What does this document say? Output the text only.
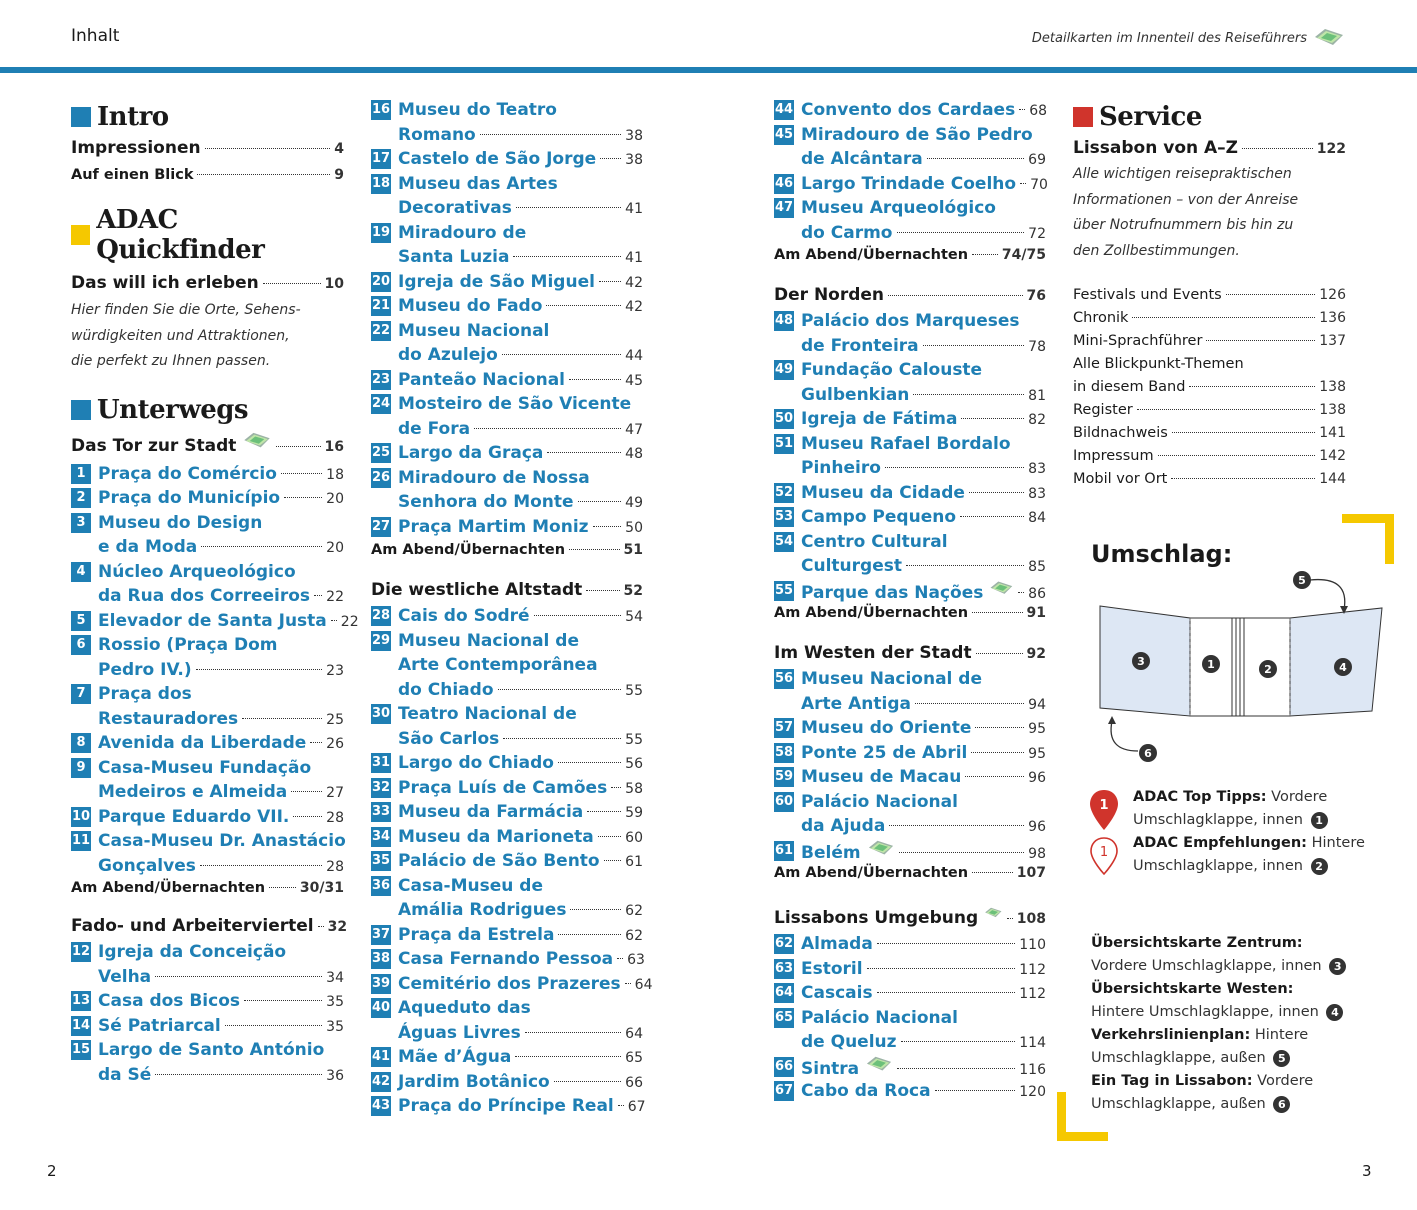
Inhalt	Detailkarten im Innenteil des Reiseführers
Intro
Impressionen	4
Auf einen Blick	9
ADAC Quickfinder
Das will ich erleben	10
Hier finden Sie die Orte, Sehens-
würdigkeiten und Attraktionen,
die perfekt zu Ihnen passen.
Unterwegs
Das Tor zur Stadt	16
1 Praça do Comércio	18
2 Praça do Município	20
3 Museu do Design
e da Moda	20
4 Núcleo Arqueológico
da Rua dos Correeiros 22
5 Elevador de Santa Justa 22
6 Rossio (Praça Dom
Pedro IV.)	23
7 Praça dos
Restauradores	25
8 Avenida da Liberdade 26
9 Casa-Museu Fundação
Medeiros e Almeida	27
10 Parque Eduardo VII.	28
11 Casa-Museu Dr. Anastácio
Gonçalves	28
Am Abend/Übernachten 30/31
Fado- und Arbeiterviertel 32
12 Igreja da Conceição
Velha	34
13 Casa dos Bicos	35
14 Sé Patriarcal	35
15 Largo de Santo António
da Sé	36
16 Museu do Teatro
Romano	38
17 Castelo de São Jorge 38
18 Museu das Artes
Decorativas	41
19 Miradouro de
Santa Luzia	41
20 Igreja de São Miguel 42
21 Museu do Fado	42
22 Museu Nacional
do Azulejo	44
23 Panteão Nacional	45
24 Mosteiro de São Vicente
de Fora	47
25 Largo da Graça	48
26 Miradouro de Nossa
Senhora do Monte	49
27 Praça Martim Moniz	50
Am Abend/Übernachten	51
Die westliche Altstadt	52
28 Cais do Sodré	54
29 Museu Nacional de
Arte Contemporânea
do Chiado	55
30 Teatro Nacional de
São Carlos	55
31 Largo do Chiado	56
32 Praça Luís de Camões 58
33 Museu da Farmácia	59
34 Museu da Marioneta 60
35 Palácio de São Bento 61
36 Casa-Museu de
Amália Rodrigues	62
37 Praça da Estrela	62
38 Casa Fernando Pessoa 63
39 Cemitério dos Prazeres 64
40 Aqueduto das
Águas Livres	64
41 Mãe d’Água	65
42 Jardim Botânico	66
43 Praça do Príncipe Real 67
44 Convento dos Cardaes 68
45 Miradouro de São Pedro
de Alcântara	69
46 Largo Trindade Coelho 70
47 Museu Arqueológico
do Carmo	72
Am Abend/Übernachten 74/75
Der Norden	76
48 Palácio dos Marqueses
de Fronteira	78
49 Fundação Calouste
Gulbenkian	81
50 Igreja de Fátima	82
51 Museu Rafael Bordalo
Pinheiro	83
52 Museu da Cidade	83
53 Campo Pequeno	84
54 Centro Cultural
Culturgest	85
55 Parque das Nações	86
Am Abend/Übernachten	91
Im Westen der Stadt	92
56 Museu Nacional de
Arte Antiga	94
57 Museu do Oriente	95
58 Ponte 25 de Abril	95
59 Museu de Macau	96
60 Palácio Nacional
da Ajuda	96
61 Belém	98
Am Abend/Übernachten	107
Lissabons Umgebung	108
62 Almada	110
63 Estoril	112
64 Cascais	112
65 Palácio Nacional
de Queluz	114
66 Sintra	116
67 Cabo da Roca	120
Service
Lissabon von A–Z	122
Alle wichtigen reisepraktischen
Informationen – von der Anreise
über Notrufnummern bis hin zu
den Zollbestimmungen.
Festivals und Events	126
Chronik	136
Mini-Sprachführer	137
Alle Blickpunkt-Themen
in diesem Band	138
Register	138
Bildnachweis	141
Impressum	142
Mobil vor Ort	144
Umschlag:
3	1	2	4
5
6
1
1
ADAC Top Tipps: Vordere
Umschlagklappe, innen 1
ADAC Empfehlungen: Hintere
Umschlagklappe, innen 2
Übersichtskarte Zentrum:
Vordere Umschlagklappe, innen 3
Übersichtskarte Westen:
Hintere Umschlagklappe, innen 4
Verkehrslinienplan: Hintere
Umschlagklappe, außen 5
Ein Tag in Lissabon: Vordere
Umschlagklappe, außen 6
2	3
